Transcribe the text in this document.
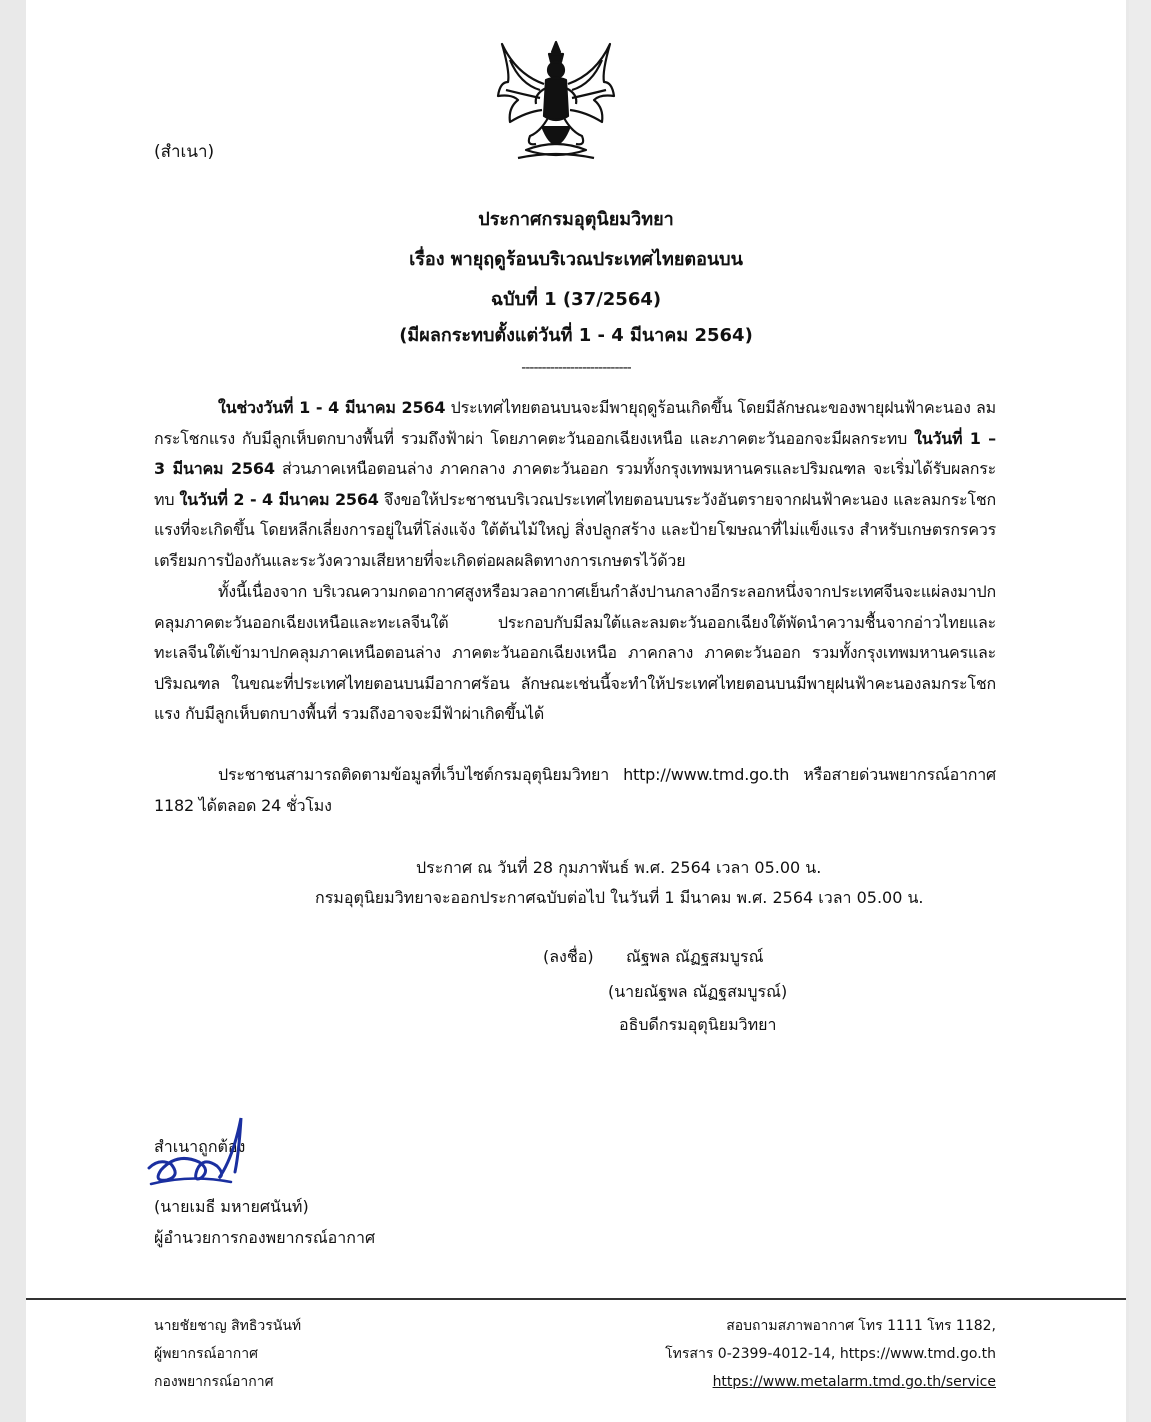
(สำเนา)
ประกาศกรมอุตุนิยมวิทยา
เรื่อง พายุฤดูร้อนบริเวณประเทศไทยตอนบน
ฉบับที่ 1 (37/2564)
(มีผลกระทบตั้งแต่วันที่ 1 - 4 มีนาคม 2564)
---------------------------

ในช่วงวันที่ 1 - 4 มีนาคม 2564 ประเทศไทยตอนบนจะมีพายุฤดูร้อนเกิดขึ้น โดยมีลักษณะของพายุฝนฟ้าคะนอง ลมกระโชกแรง กับมีลูกเห็บตกบางพื้นที่ รวมถึงฟ้าผ่า โดยภาคตะวันออกเฉียงเหนือ และภาคตะวันออกจะมีผลกระทบ ในวันที่ 1 – 3 มีนาคม 2564 ส่วนภาคเหนือตอนล่าง ภาคกลาง ภาคตะวันออก รวมทั้งกรุงเทพมหานครและปริมณฑล จะเริ่มได้รับผลกระทบ ในวันที่ 2 - 4 มีนาคม 2564 จึงขอให้ประชาชนบริเวณประเทศไทยตอนบนระวังอันตรายจากฝนฟ้าคะนอง และลมกระโชกแรงที่จะเกิดขึ้น โดยหลีกเลี่ยงการอยู่ในที่โล่งแจ้ง ใต้ต้นไม้ใหญ่ สิ่งปลูกสร้าง และป้ายโฆษณาที่ไม่แข็งแรง สำหรับเกษตรกรควรเตรียมการป้องกันและระวังความเสียหายที่จะเกิดต่อผลผลิตทางการเกษตรไว้ด้วย

ทั้งนี้เนื่องจาก บริเวณความกดอากาศสูงหรือมวลอากาศเย็นกำลังปานกลางอีกระลอกหนึ่งจากประเทศจีนจะแผ่ลงมาปกคลุมภาคตะวันออกเฉียงเหนือและทะเลจีนใต้ ประกอบกับมีลมใต้และลมตะวันออกเฉียงใต้พัดนำความชื้นจากอ่าวไทยและทะเลจีนใต้เข้ามาปกคลุมภาคเหนือตอนล่าง ภาคตะวันออกเฉียงเหนือ ภาคกลาง ภาคตะวันออก รวมทั้งกรุงเทพมหานครและปริมณฑล ในขณะที่ประเทศไทยตอนบนมีอากาศร้อน ลักษณะเช่นนี้จะทำให้ประเทศไทยตอนบนมีพายุฝนฟ้าคะนองลมกระโชกแรง กับมีลูกเห็บตกบางพื้นที่ รวมถึงอาจจะมีฟ้าผ่าเกิดขึ้นได้

ประชาชนสามารถติดตามข้อมูลที่เว็บไซต์กรมอุตุนิยมวิทยา http://www.tmd.go.th หรือสายด่วนพยากรณ์อากาศ 1182 ได้ตลอด 24 ชั่วโมง

ประกาศ ณ วันที่ 28 กุมภาพันธ์ พ.ศ. 2564 เวลา 05.00 น.
กรมอุตุนิยมวิทยาจะออกประกาศฉบับต่อไป ในวันที่ 1 มีนาคม พ.ศ. 2564 เวลา 05.00 น.
(ลงชื่อ) ณัฐพล ณัฏฐสมบูรณ์
(นายณัฐพล ณัฏฐสมบูรณ์)
อธิบดีกรมอุตุนิยมวิทยา
สำเนาถูกต้อง
(นายเมธี มหายศนันท์)
ผู้อำนวยการกองพยากรณ์อากาศ
นายชัยชาญ สิทธิวรนันท์
ผู้พยากรณ์อากาศ
กองพยากรณ์อากาศ
สอบถามสภาพอากาศ โทร 1111 โทร 1182,
โทรสาร 0-2399-4012-14, https://www.tmd.go.th
https://www.metalarm.tmd.go.th/service
